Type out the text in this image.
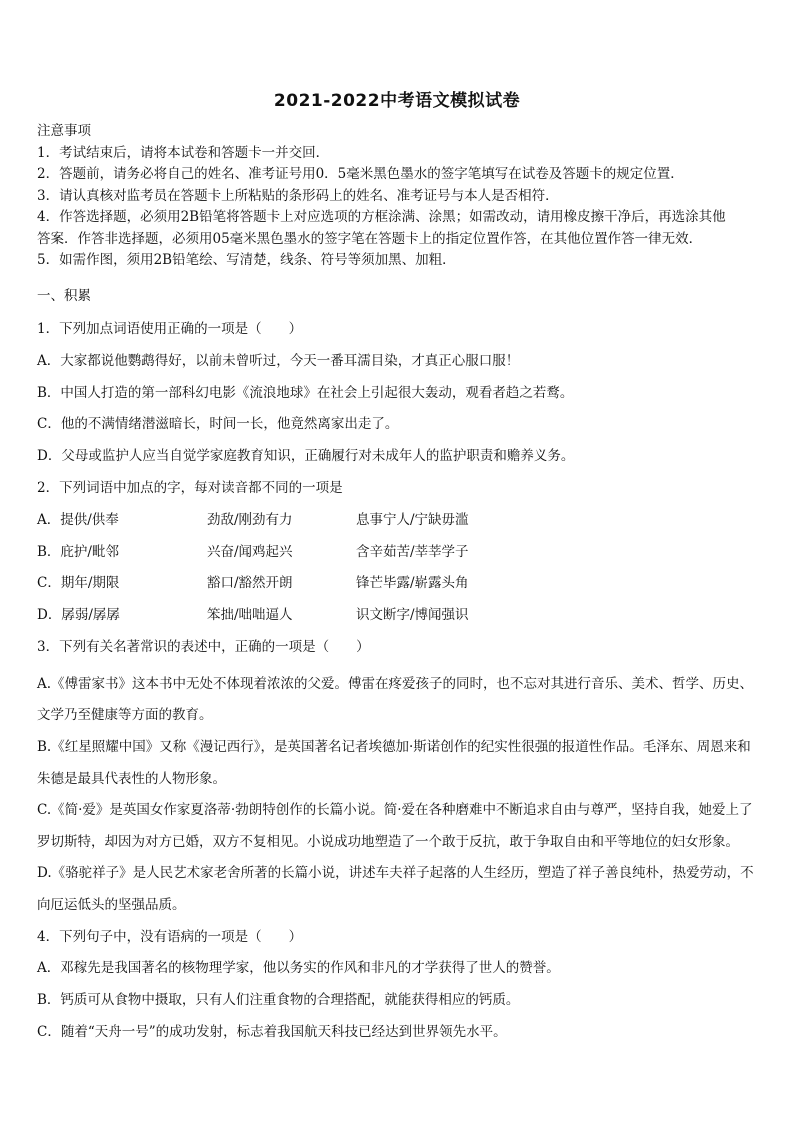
2021-2022中考语文模拟试卷
注意事项
1．考试结束后，请将本试卷和答题卡一并交回．
2．答题前，请务必将自己的姓名、准考证号用0．5毫米黑色墨水的签字笔填写在试卷及答题卡的规定位置．
3．请认真核对监考员在答题卡上所粘贴的条形码上的姓名、准考证号与本人是否相符．
4．作答选择题，必须用2B铅笔将答题卡上对应选项的方框涂满、涂黑；如需改动，请用橡皮擦干净后，再选涂其他
答案．作答非选择题，必须用05毫米黑色墨水的签字笔在答题卡上的指定位置作答，在其他位置作答一律无效．
5．如需作图，须用2B铅笔绘、写清楚，线条、符号等须加黑、加粗．
一、积累
1．下列加点词语使用正确的一项是（　　）
A．大家都说他鹦鹉得好，以前未曾听过，今天一番耳濡目染，才真正心服口服！
B．中国人打造的第一部科幻电影《流浪地球》在社会上引起很大轰动，观看者趋之若鹜。
C．他的不满情绪潜滋暗长，时间一长，他竟然离家出走了。
D．父母或监护人应当自觉学家庭教育知识，正确履行对未成年人的监护职责和赡养义务。
2．下列词语中加点的字，每对读音都不同的一项是
A．提供/供奉	劲敌/刚劲有力	息事宁人/宁缺毋滥
B．庇护/毗邻	兴奋/闻鸡起兴	含辛茹苦/莘莘学子
C．期年/期限	豁口/豁然开朗	锋芒毕露/崭露头角
D．孱弱/孱孱	笨拙/咄咄逼人	识文断字/博闻强识
3．下列有关名著常识的表述中，正确的一项是（　　）
A.《傅雷家书》这本书中无处不体现着浓浓的父爱。傅雷在疼爱孩子的同时，也不忘对其进行音乐、美术、哲学、历史、文学乃至健康等方面的教育。
B.《红星照耀中国》又称《漫记西行》，是英国著名记者埃德加·斯诺创作的纪实性很强的报道性作品。毛泽东、周恩来和朱德是最具代表性的人物形象。
C.《简·爱》是英国女作家夏洛蒂·勃朗特创作的长篇小说。简·爱在各种磨难中不断追求自由与尊严，坚持自我，她爱上了罗切斯特，却因为对方已婚，双方不复相见。小说成功地塑造了一个敢于反抗，敢于争取自由和平等地位的妇女形象。
D.《骆驼祥子》是人民艺术家老舍所著的长篇小说，讲述车夫祥子起落的人生经历，塑造了祥子善良纯朴，热爱劳动，不向厄运低头的坚强品质。
4．下列句子中，没有语病的一项是（　　）
A．邓稼先是我国著名的核物理学家，他以务实的作风和非凡的才学获得了世人的赞誉。
B．钙质可从食物中摄取，只有人们注重食物的合理搭配，就能获得相应的钙质。
C．随着“天舟一号”的成功发射，标志着我国航天科技已经达到世界领先水平。
